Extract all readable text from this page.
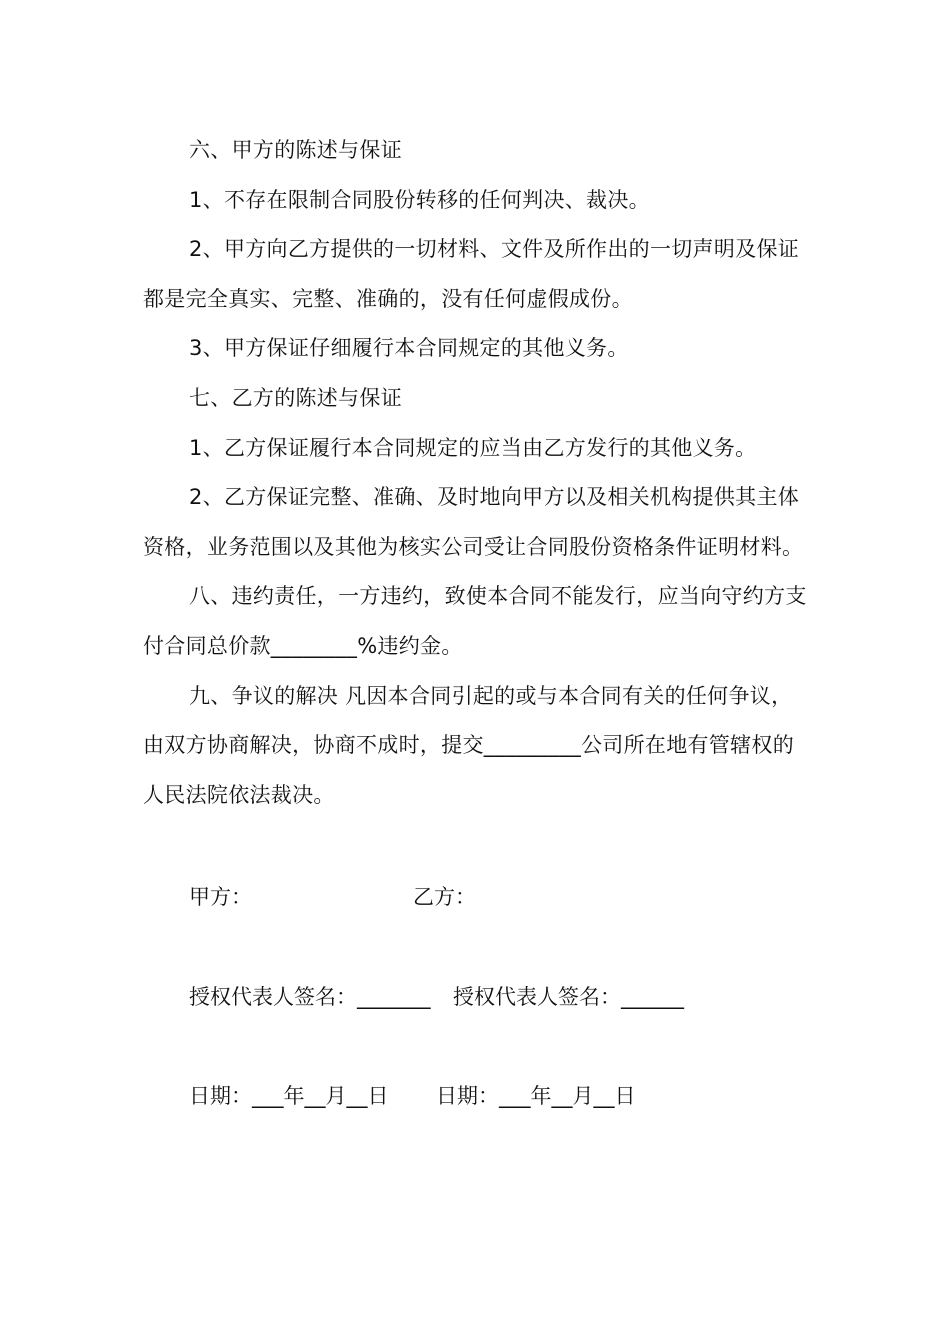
六、甲方的陈述与保证

1、不存在限制合同股份转移的任何判决、裁决。

2、甲方向乙方提供的一切材料、文件及所作出的一切声明及保证都是完全真实、完整、准确的，没有任何虚假成份。

3、甲方保证仔细履行本合同规定的其他义务。

七、乙方的陈述与保证

1、乙方保证履行本合同规定的应当由乙方发行的其他义务。

2、乙方保证完整、准确、及时地向甲方以及相关机构提供其主体资格，业务范围以及其他为核实公司受让合同股份资格条件证明材料。

八、违约责任，一方违约，致使本合同不能发行，应当向守约方支付合同总价款________%违约金。

九、争议的解决 凡因本合同引起的或与本合同有关的任何争议，由双方协商解决，协商不成时，提交_________公司所在地有管辖权的人民法院依法裁决。

甲方：	乙方：
授权代表人签名：_______ 授权代表人签名：______
日期：___年__月__日 日期：___年__月__日
